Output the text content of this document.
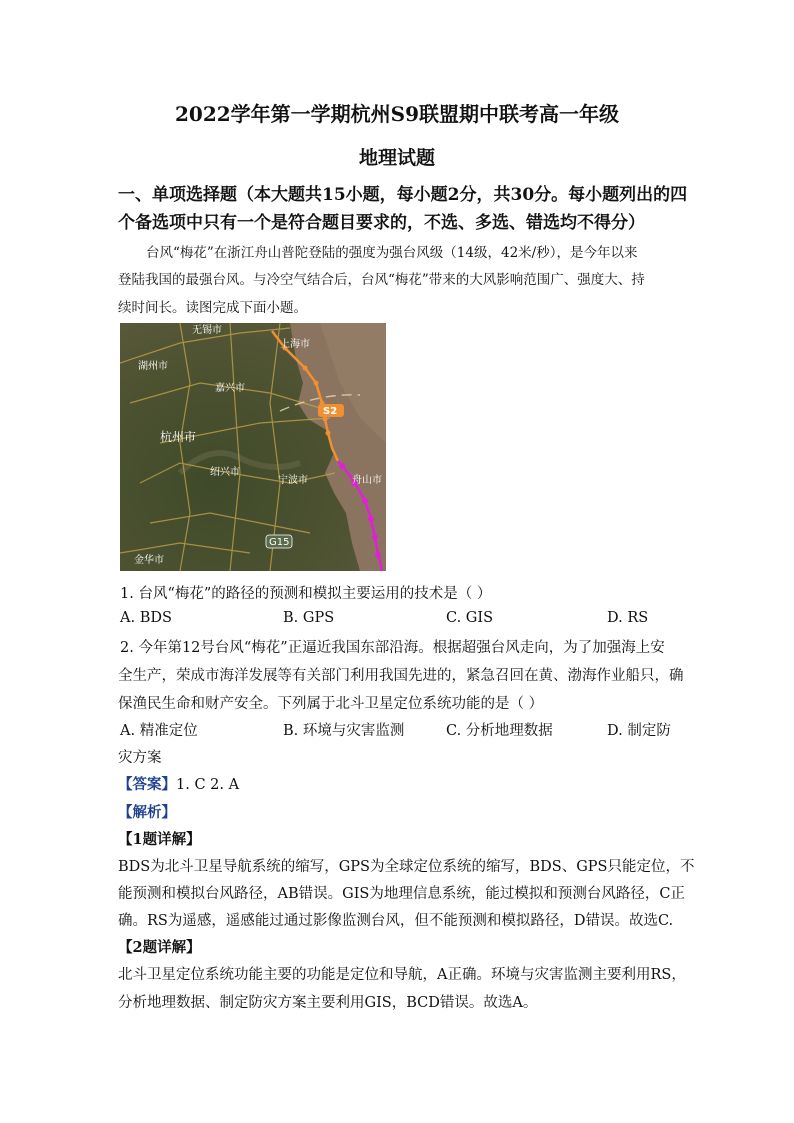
2022学年第一学期杭州S9联盟期中联考高一年级
地理试题
一、单项选择题（本大题共15小题，每小题2分，共30分。每小题列出的四
个备选项中只有一个是符合题目要求的，不选、多选、错选均不得分）
台风“梅花”在浙江舟山普陀登陆的强度为强台风级（14级，42米/秒），是今年以来
登陆我国的最强台风。与冷空气结合后，台风“梅花”带来的大风影响范围广、强度大、持
续时间长。读图完成下面小题。
无锡市
上海市
湖州市
嘉兴市
杭州市
绍兴市
宁波市	舟山市
金华市
S2
G15
1. 台风“梅花”的路径的预测和模拟主要运用的技术是（ ）
A. BDS	B. GPS	C. GIS	D. RS
2. 今年第12号台风“梅花”正逼近我国东部沿海。根据超强台风走向，为了加强海上安
全生产，荣成市海洋发展等有关部门利用我国先进的，紧急召回在黄、渤海作业船只，确
保渔民生命和财产安全。下列属于北斗卫星定位系统功能的是（ ）
A. 精准定位	B. 环境与灾害监测	C. 分析地理数据	D. 制定防
灾方案
【答案】1. C 2. A
【解析】
【1题详解】
BDS为北斗卫星导航系统的缩写，GPS为全球定位系统的缩写，BDS、GPS只能定位，不
能预测和模拟台风路径，AB错误。GIS为地理信息系统，能过模拟和预测台风路径，C正
确。RS为遥感，遥感能过通过影像监测台风，但不能预测和模拟路径，D错误。故选C.
【2题详解】
北斗卫星定位系统功能主要的功能是定位和导航，A正确。环境与灾害监测主要利用RS，
分析地理数据、制定防灾方案主要利用GIS，BCD错误。故选A。
